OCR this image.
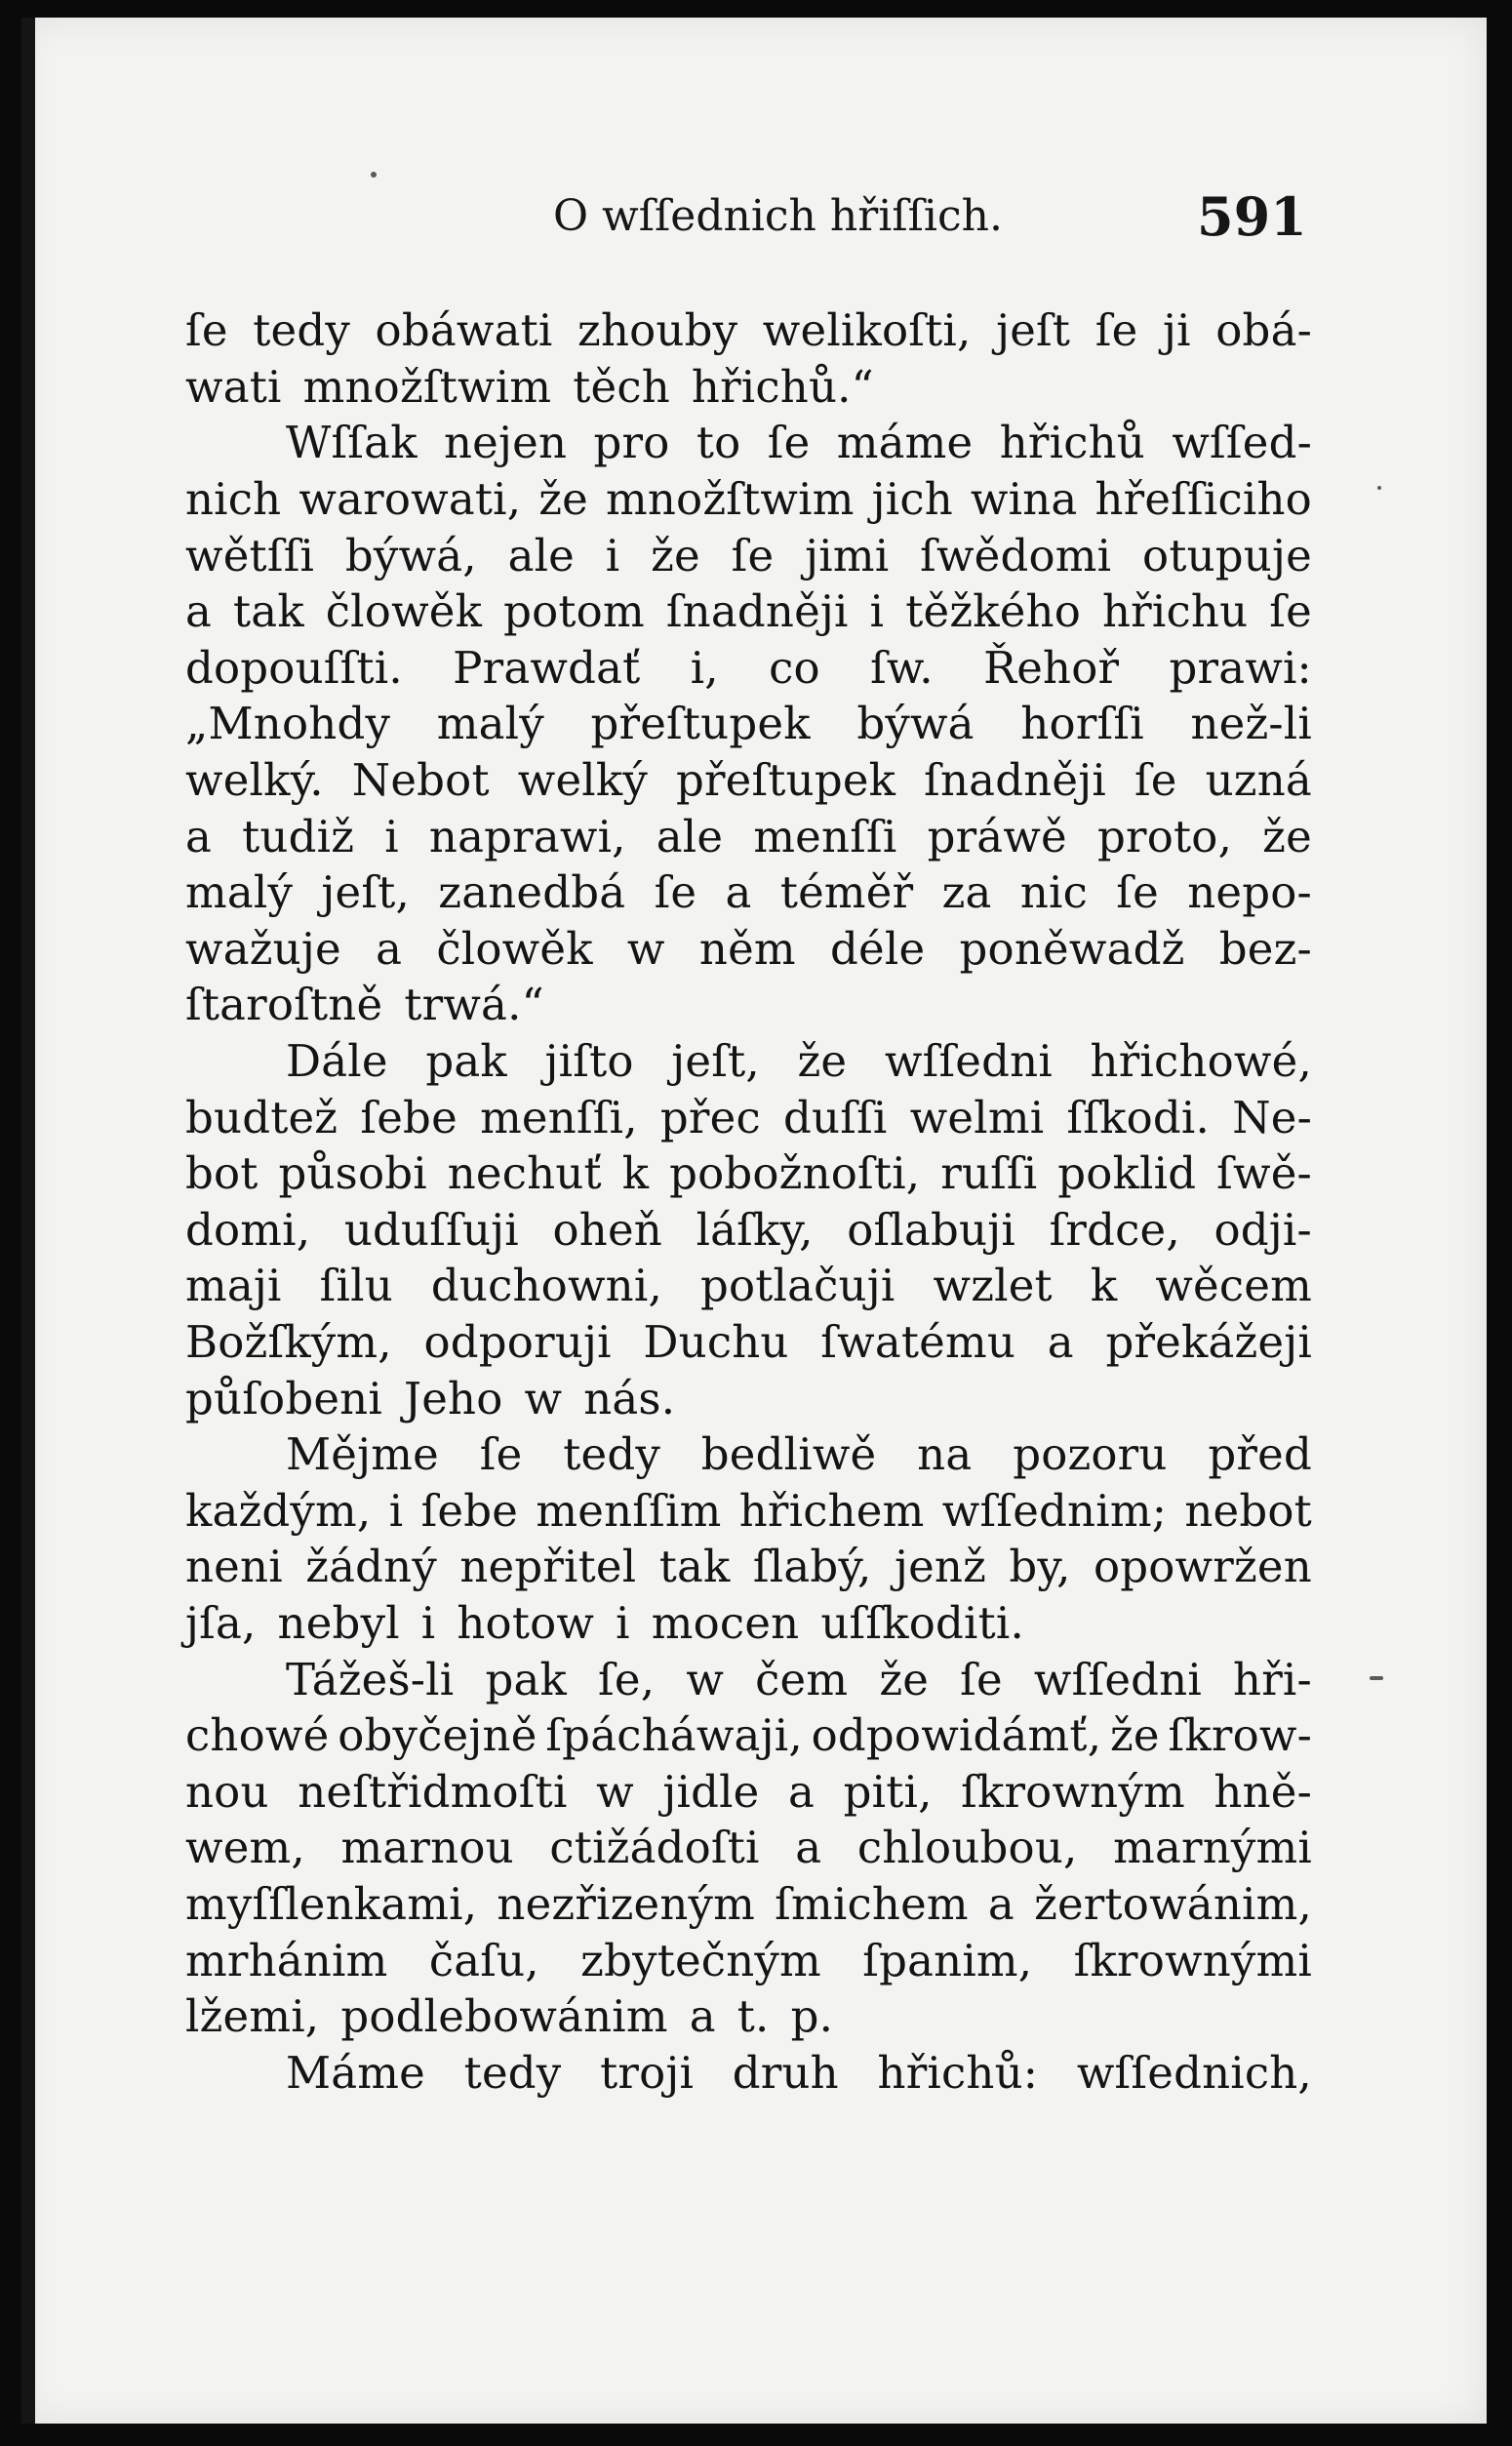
O wſſednich hřiſſich.	591
ſe tedy obáwati zhouby welikoſti, jeſt ſe ji obá-
wati množſtwim těch hřichů.“
Wſſak nejen pro to ſe máme hřichů wſſed-
nich warowati, že množſtwim jich wina hřeſſiciho
wětſſi býwá, ale i že ſe jimi ſwědomi otupuje
a tak člowěk potom ſnadněji i těžkého hřichu ſe
dopouſſti. Prawdať i, co ſw. Řehoř prawi:
„Mnohdy malý přeſtupek býwá horſſi než-li
welký. Nebot welký přeſtupek ſnadněji ſe uzná
a tudiž i naprawi, ale menſſi práwě proto, že
malý jeſt, zanedbá ſe a téměř za nic ſe nepo-
wažuje a člowěk w něm déle poněwadž bez-
ſtaroſtně trwá.“
Dále pak jiſto jeſt, že wſſedni hřichowé,
budtež ſebe menſſi, přec duſſi welmi ſſkodi. Ne-
bot působi nechuť k pobožnoſti, ruſſi poklid ſwě-
domi, uduſſuji oheň láſky, oſlabuji ſrdce, odji-
maji ſilu duchowni, potlačuji wzlet k wěcem
Božſkým, odporuji Duchu ſwatému a překážeji
půſobeni Jeho w nás.
Mějme ſe tedy bedliwě na pozoru před
každým, i ſebe menſſim hřichem wſſednim; nebot
neni žádný nepřitel tak ſlabý, jenž by, opowržen
jſa, nebyl i hotow i mocen uſſkoditi.
Tážeš-li pak ſe, w čem že ſe wſſedni hři-
chowé obyčejně ſpácháwaji, odpowidámť, že ſkrow-
nou neſtřidmoſti w jidle a piti, ſkrowným hně-
wem, marnou ctižádoſti a chloubou, marnými
myſſlenkami, nezřizeným ſmichem a žertowánim,
mrhánim čaſu, zbytečným ſpanim, ſkrownými
lžemi, podlebowánim a t. p.
Máme tedy troji druh hřichů: wſſednich,
